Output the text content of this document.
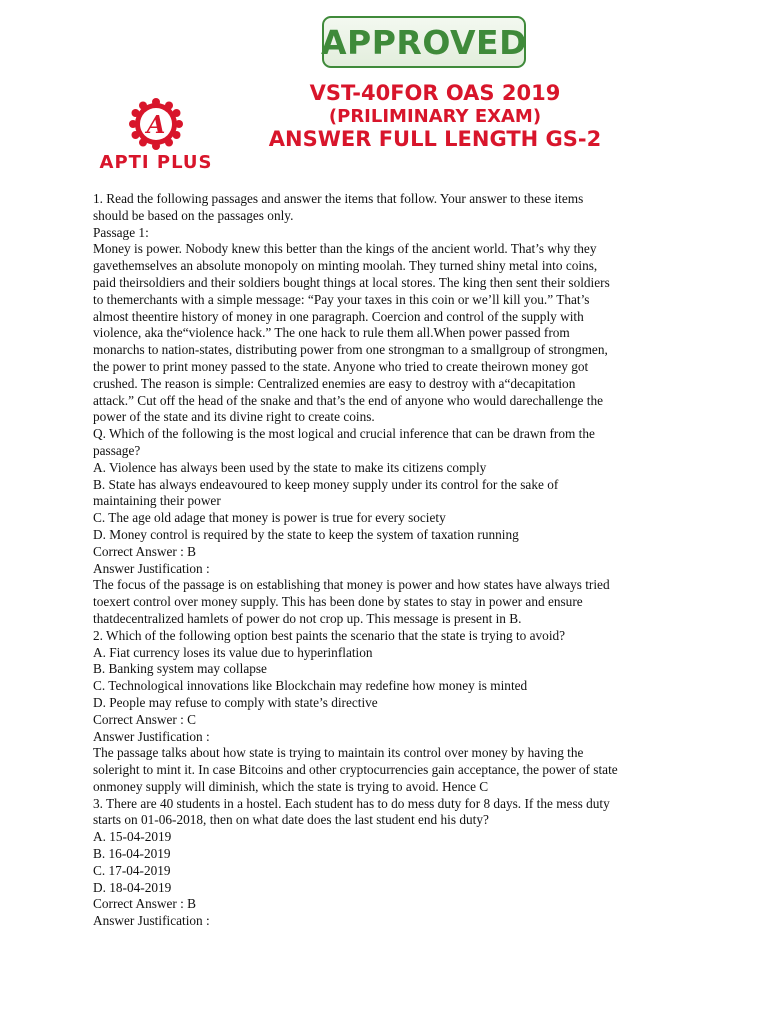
APPROVED
A
APTI PLUS
VST-40FOR OAS 2019
(PRILIMINARY EXAM)
ANSWER FULL LENGTH GS-2

1. Read the following passages and answer the items that follow. Your answer to these items

should be based on the passages only.

Passage 1:

Money is power. Nobody knew this better than the kings of the ancient world. That’s why they

gavethemselves an absolute monopoly on minting moolah. They turned shiny metal into coins,

paid theirsoldiers and their soldiers bought things at local stores. The king then sent their soldiers

to themerchants with a simple message: “Pay your taxes in this coin or we’ll kill you.” That’s

almost theentire history of money in one paragraph. Coercion and control of the supply with

violence, aka the“violence hack.” The one hack to rule them all.When power passed from

monarchs to nation-states, distributing power from one strongman to a smallgroup of strongmen,

the power to print money passed to the state. Anyone who tried to create theirown money got

crushed. The reason is simple: Centralized enemies are easy to destroy with a“decapitation

attack.” Cut off the head of the snake and that’s the end of anyone who would darechallenge the

power of the state and its divine right to create coins.

Q. Which of the following is the most logical and crucial inference that can be drawn from the

passage?

A. Violence has always been used by the state to make its citizens comply

B. State has always endeavoured to keep money supply under its control for the sake of

maintaining their power

C. The age old adage that money is power is true for every society

D. Money control is required by the state to keep the system of taxation running

Correct Answer : B

Answer Justification :

The focus of the passage is on establishing that money is power and how states have always tried

toexert control over money supply. This has been done by states to stay in power and ensure

thatdecentralized hamlets of power do not crop up. This message is present in B.

2. Which of the following option best paints the scenario that the state is trying to avoid?

A. Fiat currency loses its value due to hyperinflation

B. Banking system may collapse

C. Technological innovations like Blockchain may redefine how money is minted

D. People may refuse to comply with state’s directive

Correct Answer : C

Answer Justification :

The passage talks about how state is trying to maintain its control over money by having the

soleright to mint it. In case Bitcoins and other cryptocurrencies gain acceptance, the power of state

onmoney supply will diminish, which the state is trying to avoid. Hence C

3. There are 40 students in a hostel. Each student has to do mess duty for 8 days. If the mess duty

starts on 01-06-2018, then on what date does the last student end his duty?

A. 15-04-2019

B. 16-04-2019

C. 17-04-2019

D. 18-04-2019

Correct Answer : B

Answer Justification :
